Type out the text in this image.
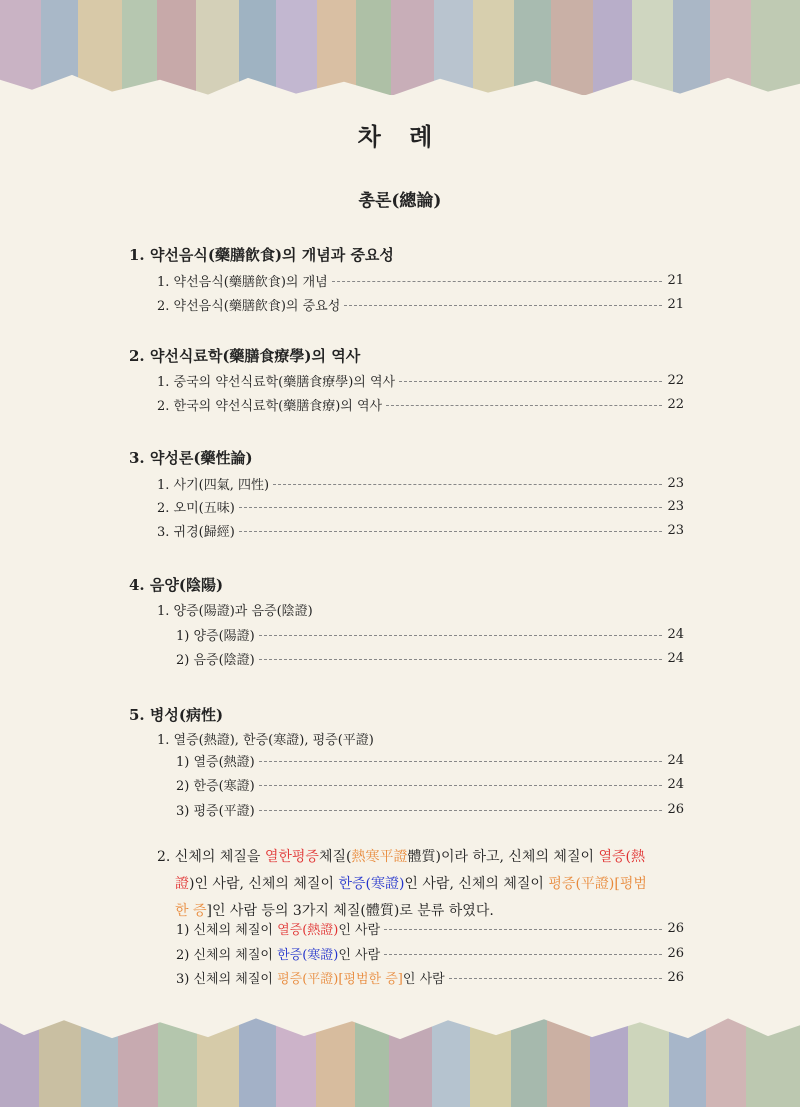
차 례
총론(總論)
1. 약선음식(藥膳飮食)의 개념과 중요성
1. 약선음식(藥膳飮食)의 개념	21
2. 약선음식(藥膳飮食)의 중요성	21
2. 약선식료학(藥膳食療學)의 역사
1. 중국의 약선식료학(藥膳食療學)의 역사	22
2. 한국의 약선식료학(藥膳食療)의 역사	22
3. 약성론(藥性論)
1. 사기(四氣, 四性)	23
2. 오미(五味)	23
3. 귀경(歸經)	23
4. 음양(陰陽)
1. 양증(陽證)과 음증(陰證)
1) 양증(陽證)	24
2) 음증(陰證)	24
5. 병성(病性)
1. 열증(熱證), 한증(寒證), 평증(平證)
1) 열증(熱證)	24
2) 한증(寒證)	24
3) 평증(平證)	26
2. 신체의 체질을 열한평증체질(熱寒平證體質)이라 하고, 신체의 체질이 열증(熱
證)인 사람, 신체의 체질이 한증(寒證)인 사람, 신체의 체질이 평증(平證)[평범
한 증]인 사람 등의 3가지 체질(體質)로 분류 하였다.
1) 신체의 체질이 열증(熱證)인 사람	26
2) 신체의 체질이 한증(寒證)인 사람	26
3) 신체의 체질이 평증(平證)[평범한 증]인 사람	26
